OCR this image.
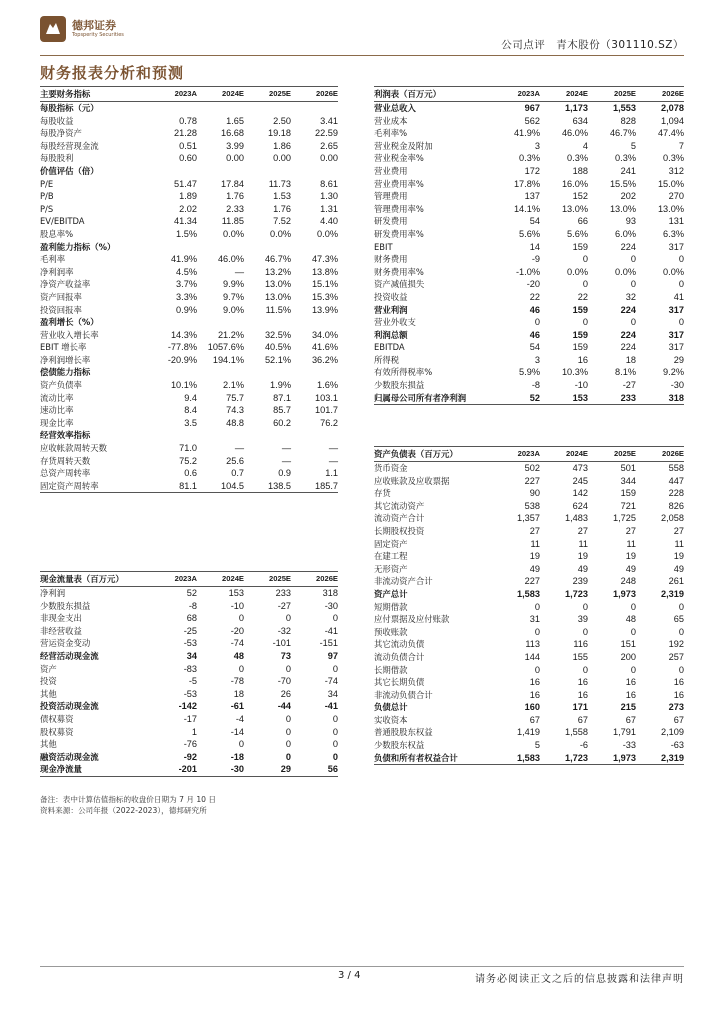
德邦证券
Topsperity Securities
公司点评　青木股份（301110.SZ）
财务报表分析和预测
主要财务指标	2023A	2024E	2025E	2026E
每股指标（元）				
每股收益	0.78	1.65	2.50	3.41
每股净资产	21.28	16.68	19.18	22.59
每股经营现金流	0.51	3.99	1.86	2.65
每股股利	0.60	0.00	0.00	0.00
价值评估（倍）				
P/E	51.47	17.84	11.73	8.61
P/B	1.89	1.76	1.53	1.30
P/S	2.02	2.33	1.76	1.31
EV/EBITDA	41.34	11.85	7.52	4.40
股息率%	1.5%	0.0%	0.0%	0.0%
盈利能力指标（%）				
毛利率	41.9%	46.0%	46.7%	47.3%
净利润率	4.5%	—	13.2%	13.8%
净资产收益率	3.7%	9.9%	13.0%	15.1%
资产回报率	3.3%	9.7%	13.0%	15.3%
投资回报率	0.9%	9.0%	11.5%	13.9%
盈利增长（%）				
营业收入增长率	14.3%	21.2%	32.5%	34.0%
EBIT 增长率	-77.8%	1057.6%	40.5%	41.6%
净利润增长率	-20.9%	194.1%	52.1%	36.2%
偿债能力指标				
资产负债率	10.1%	2.1%	1.9%	1.6%
流动比率	9.4	75.7	87.1	103.1
速动比率	8.4	74.3	85.7	101.7
现金比率	3.5	48.8	60.2	76.2
经营效率指标				
应收帐款周转天数	71.0	—	—	—
存货周转天数	75.2	25.6	—	—
总资产周转率	0.6	0.7	0.9	1.1
固定资产周转率	81.1	104.5	138.5	185.7
现金流量表（百万元）	2023A	2024E	2025E	2026E
净利润	52	153	233	318
少数股东损益	-8	-10	-27	-30
非现金支出	68	0	0	0
非经营收益	-25	-20	-32	-41
营运资金变动	-53	-74	-101	-151
经营活动现金流	34	48	73	97
资产	-83	0	0	0
投资	-5	-78	-70	-74
其他	-53	18	26	34
投资活动现金流	-142	-61	-44	-41
债权募资	-17	-4	0	0
股权募资	1	-14	0	0
其他	-76	0	0	0
融资活动现金流	-92	-18	0	0
现金净流量	-201	-30	29	56
利润表（百万元）	2023A	2024E	2025E	2026E
营业总收入	967	1,173	1,553	2,078
营业成本	562	634	828	1,094
毛利率%	41.9%	46.0%	46.7%	47.4%
营业税金及附加	3	4	5	7
营业税金率%	0.3%	0.3%	0.3%	0.3%
营业费用	172	188	241	312
营业费用率%	17.8%	16.0%	15.5%	15.0%
管理费用	137	152	202	270
管理费用率%	14.1%	13.0%	13.0%	13.0%
研发费用	54	66	93	131
研发费用率%	5.6%	5.6%	6.0%	6.3%
EBIT	14	159	224	317
财务费用	-9	0	0	0
财务费用率%	-1.0%	0.0%	0.0%	0.0%
资产减值损失	-20	0	0	0
投资收益	22	22	32	41
营业利润	46	159	224	317
营业外收支	0	0	0	0
利润总额	46	159	224	317
EBITDA	54	159	224	317
所得税	3	16	18	29
有效所得税率%	5.9%	10.3%	8.1%	9.2%
少数股东损益	-8	-10	-27	-30
归属母公司所有者净利润	52	153	233	318
资产负债表（百万元）	2023A	2024E	2025E	2026E
货币资金	502	473	501	558
应收账款及应收票据	227	245	344	447
存货	90	142	159	228
其它流动资产	538	624	721	826
流动资产合计	1,357	1,483	1,725	2,058
长期股权投资	27	27	27	27
固定资产	11	11	11	11
在建工程	19	19	19	19
无形资产	49	49	49	49
非流动资产合计	227	239	248	261
资产总计	1,583	1,723	1,973	2,319
短期借款	0	0	0	0
应付票据及应付账款	31	39	48	65
预收账款	0	0	0	0
其它流动负债	113	116	151	192
流动负债合计	144	155	200	257
长期借款	0	0	0	0
其它长期负债	16	16	16	16
非流动负债合计	16	16	16	16
负债总计	160	171	215	273
实收资本	67	67	67	67
普通股股东权益	1,419	1,558	1,791	2,109
少数股东权益	5	-6	-33	-63
负债和所有者权益合计	1,583	1,723	1,973	2,319
备注：表中计算估值指标的收盘价日期为 7 月 10 日
资料来源：公司年报（2022-2023），德邦研究所
3 / 4	请务必阅读正文之后的信息披露和法律声明
